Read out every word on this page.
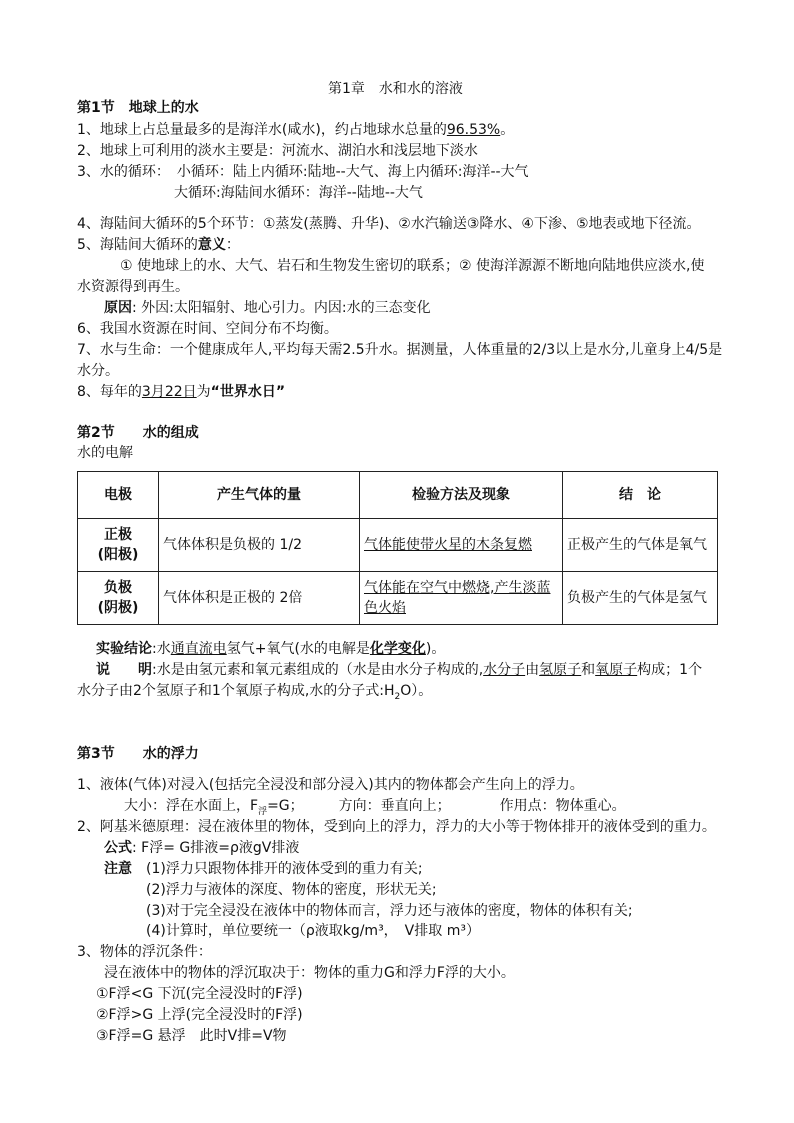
第1章　水和水的溶液
第1节　地球上的水
1、地球上占总量最多的是海洋水(咸水)，约占地球水总量的96.53%。
2、地球上可利用的淡水主要是：河流水、湖泊水和浅层地下淡水
3、水的循环：　小循环：陆上内循环:陆地--大气、海上内循环:海洋--大气
大循环:海陆间水循环：海洋--陆地--大气
4、海陆间大循环的5个环节：①蒸发(蒸腾、升华)、②水汽输送③降水、④下渗、⑤地表或地下径流。
5、海陆间大循环的意义：
① 使地球上的水、大气、岩石和生物发生密切的联系；② 使海洋源源不断地向陆地供应淡水,使
水资源得到再生。
原因: 外因:太阳辐射、地心引力。内因:水的三态变化
6、我国水资源在时间、空间分布不均衡。
7、水与生命：一个健康成年人,平均每天需2.5升水。据测量，人体重量的2/3以上是水分,儿童身上4/5是
水分。
8、每年的3月22日为“世界水日”
第2节　　水的组成
水的电解
电极	产生气体的量	检验方法及现象	结　论

正极
(阳极)	气体体积是负极的 1/2	气体能使带火星的木条复燃	正极产生的气体是氧气

负极
(阴极)	气体体积是正极的 2倍	气体能在空气中燃烧,产生淡蓝色火焰	负极产生的气体是氢气
实验结论:水通直流电氢气+氧气(水的电解是化学变化)。
说　　明:水是由氢元素和氧元素组成的（水是由水分子构成的,水分子由氢原子和氧原子构成；1个
水分子由2个氢原子和1个氧原子构成,水的分子式$:H_2O$）。
第3节　　水的浮力
1、液体(气体)对浸入(包括完全浸没和部分浸入)其内的物体都会产生向上的浮力。
大小：浮在水面上，$F_浮=G$；　　　方向：垂直向上；　　　　作用点：物体重心。
2、阿基米德原理：浸在液体里的物体，受到向上的浮力，浮力的大小等于物体排开的液体受到的重力。
公式: F浮= G排液=ρ液gV排液
注意 (1)浮力只跟物体排开的液体受到的重力有关;
(2)浮力与液体的深度、物体的密度，形状无关;
(3)对于完全浸没在液体中的物体而言，浮力还与液体的密度，物体的体积有关;
(4)计算时，单位要统一（ρ液取kg/m³，　V排取 m³）
3、物体的浮沉条件：
浸在液体中的物体的浮沉取决于：物体的重力G和浮力F浮的大小。
①F浮<G 下沉(完全浸没时的F浮)
②F浮>G 上浮(完全浸没时的F浮)
③F浮=G 悬浮　此时V排=V物
